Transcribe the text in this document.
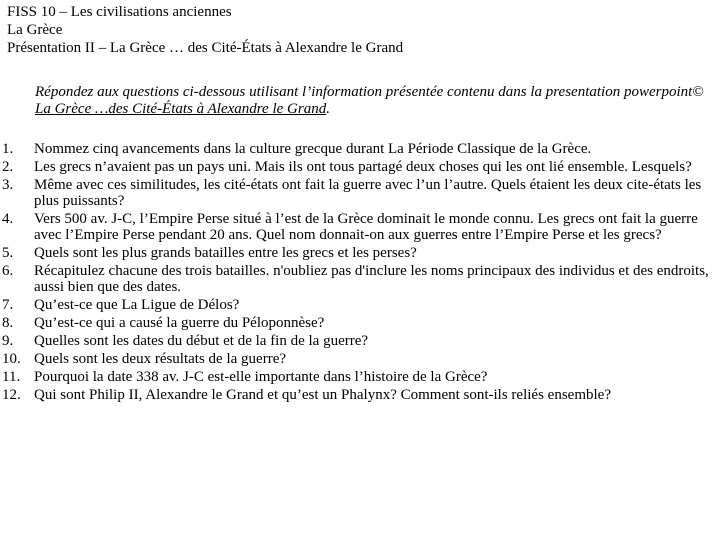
FISS 10 – Les civilisations anciennes
La Grèce
Présentation II – La Grèce … des Cité-États à Alexandre le Grand
Répondez aux questions ci-dessous utilisant l’information présentée contenu dans la presentation powerpoint© La Grèce …des Cité-États à Alexandre le Grand.
1.	Nommez cinq avancements dans la culture grecque durant La Période Classique de la Grèce.
2.	Les grecs n’avaient pas un pays uni. Mais ils ont tous partagé deux choses qui les ont lié ensemble. Lesquels?
3.	Même avec ces similitudes, les cité-états ont fait la guerre avec l’un l’autre. Quels étaient les deux cite-états les plus puissants?
4.	Vers 500 av. J-C, l’Empire Perse situé à l’est de la Grèce dominait le monde connu. Les grecs ont fait la guerre avec l’Empire Perse pendant 20 ans. Quel nom donnait-on aux guerres entre l’Empire Perse et les grecs?
5.	Quels sont les plus grands batailles entre les grecs et les perses?
6.	Récapitulez chacune des trois batailles. n'oubliez pas d'inclure les noms principaux des individus et des endroits, aussi bien que des dates.
7.	Qu’est-ce que La Ligue de Délos?
8.	Qu’est-ce qui a causé la guerre du Péloponnèse?
9.	Quelles sont les dates du début et de la fin de la guerre?
10. Quels sont les deux résultats de la guerre?
11. Pourquoi la date 338 av. J-C est-elle importante dans l’histoire de la Grèce?
12. Qui sont Philip II, Alexandre le Grand et qu’est un Phalynx? Comment sont-ils reliés ensemble?
